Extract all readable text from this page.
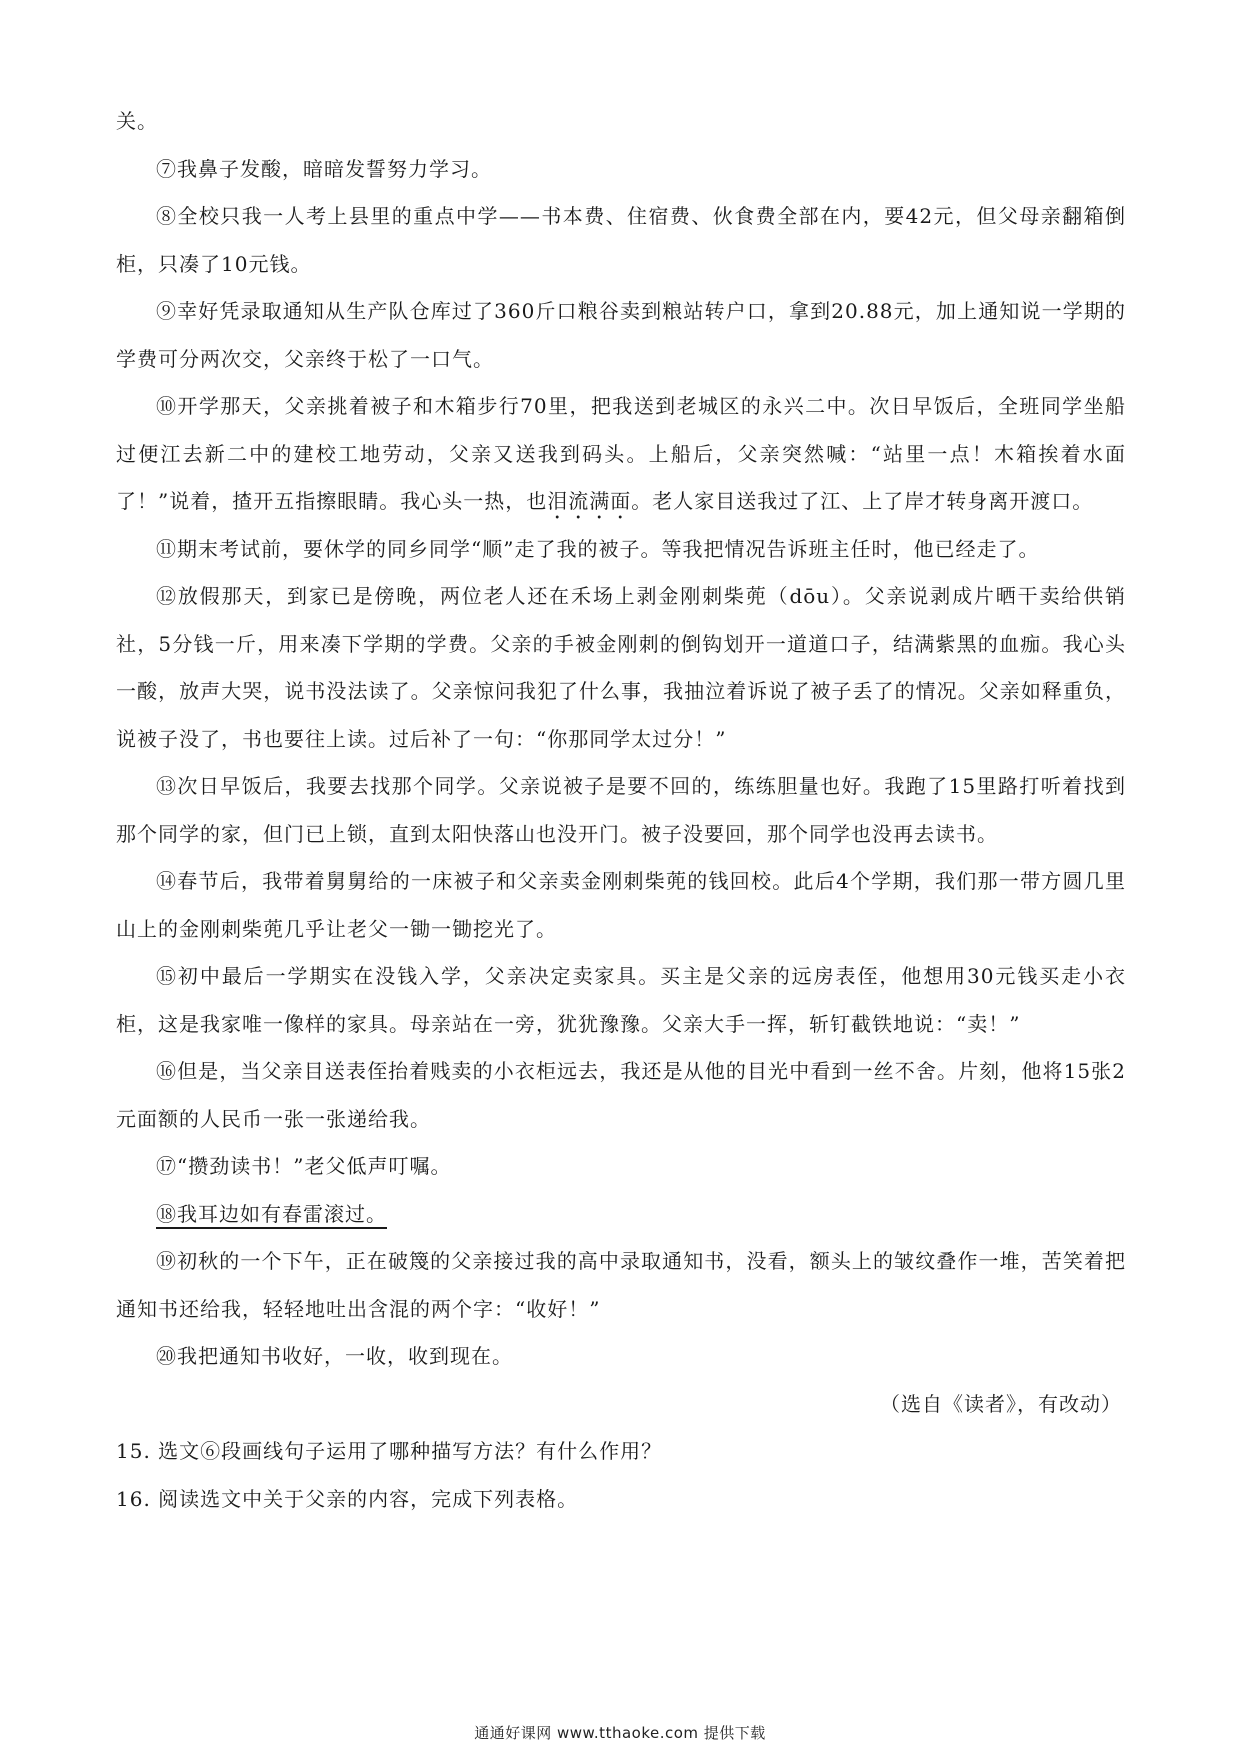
关。

⑦我鼻子发酸，暗暗发誓努力学习。

⑧全校只我一人考上县里的重点中学——书本费、住宿费、伙食费全部在内，要42元，但父母亲翻箱倒柜，只凑了10元钱。

⑨幸好凭录取通知从生产队仓库过了360斤口粮谷卖到粮站转户口，拿到20.88元，加上通知说一学期的学费可分两次交，父亲终于松了一口气。

⑩开学那天，父亲挑着被子和木箱步行70里，把我送到老城区的永兴二中。次日早饭后，全班同学坐船过便江去新二中的建校工地劳动，父亲又送我到码头。上船后，父亲突然喊：“站里一点！木箱挨着水面了！”说着，揸开五指擦眼睛。我心头一热，也泪流满面。老人家目送我过了江、上了岸才转身离开渡口。

⑪期末考试前，要休学的同乡同学“顺”走了我的被子。等我把情况告诉班主任时，他已经走了。

⑫放假那天，到家已是傍晚，两位老人还在禾场上剥金刚刺柴蔸（dōu）。父亲说剥成片晒干卖给供销社，5分钱一斤，用来凑下学期的学费。父亲的手被金刚刺的倒钩划开一道道口子，结满紫黑的血痂。我心头一酸，放声大哭，说书没法读了。父亲惊问我犯了什么事，我抽泣着诉说了被子丢了的情况。父亲如释重负，说被子没了，书也要往上读。过后补了一句：“你那同学太过分！”

⑬次日早饭后，我要去找那个同学。父亲说被子是要不回的，练练胆量也好。我跑了15里路打听着找到那个同学的家，但门已上锁，直到太阳快落山也没开门。被子没要回，那个同学也没再去读书。

⑭春节后，我带着舅舅给的一床被子和父亲卖金刚刺柴蔸的钱回校。此后4个学期，我们那一带方圆几里山上的金刚刺柴蔸几乎让老父一锄一锄挖光了。

⑮初中最后一学期实在没钱入学，父亲决定卖家具。买主是父亲的远房表侄，他想用30元钱买走小衣柜，这是我家唯一像样的家具。母亲站在一旁，犹犹豫豫。父亲大手一挥，斩钉截铁地说：“卖！”

⑯但是，当父亲目送表侄抬着贱卖的小衣柜远去，我还是从他的目光中看到一丝不舍。片刻，他将15张2元面额的人民币一张一张递给我。

⑰“攒劲读书！”老父低声叮嘱。

⑱我耳边如有春雷滚过。

⑲初秋的一个下午，正在破篾的父亲接过我的高中录取通知书，没看，额头上的皱纹叠作一堆，苦笑着把通知书还给我，轻轻地吐出含混的两个字：“收好！”

⑳我把通知书收好，一收，收到现在。

（选自《读者》，有改动）

15. 选文⑥段画线句子运用了哪种描写方法？有什么作用？

16. 阅读选文中关于父亲的内容，完成下列表格。

通通好课网 www.tthaoke.com 提供下载
